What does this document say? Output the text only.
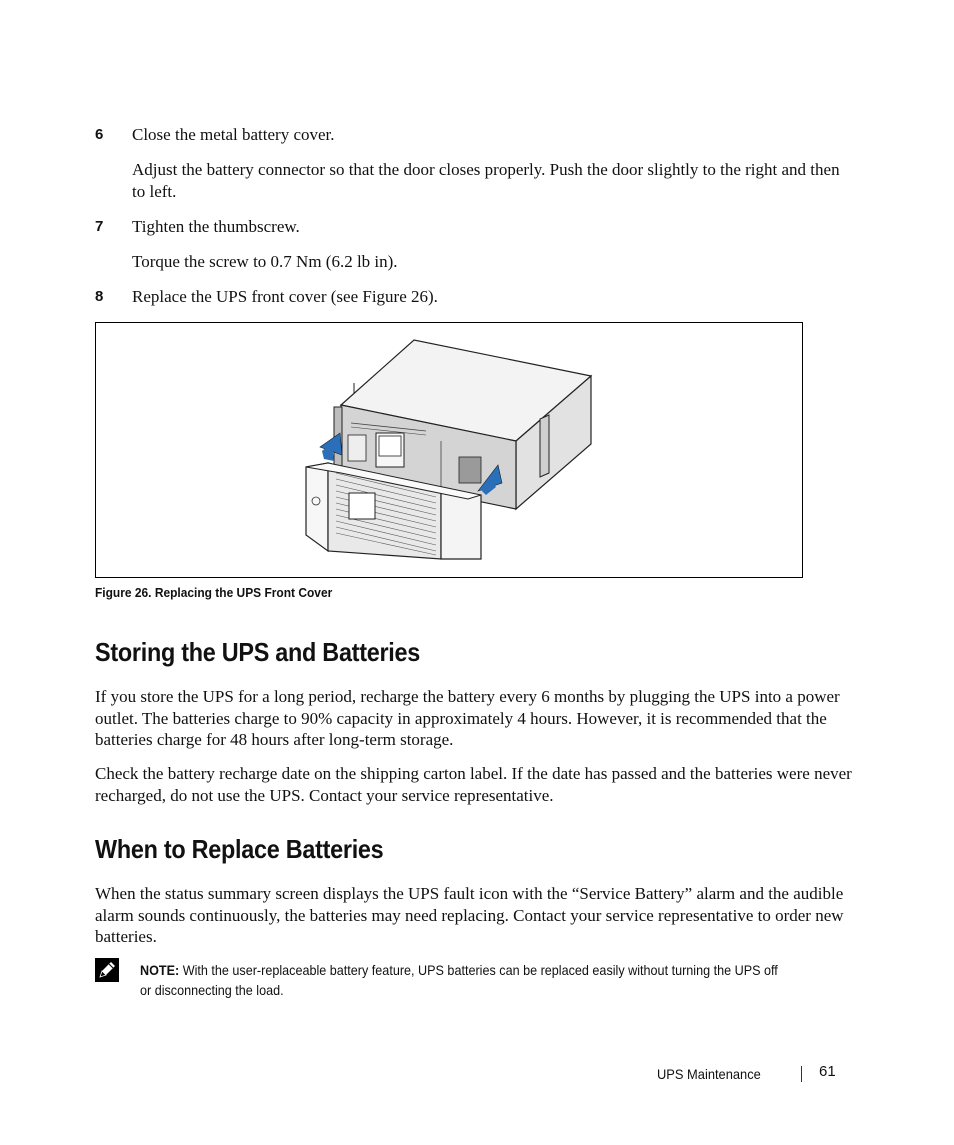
6 Close the metal battery cover.
Adjust the battery connector so that the door closes properly. Push the door slightly to the right and then to left.
7 Tighten the thumbscrew.
Torque the screw to 0.7 Nm (6.2 lb in).
8 Replace the UPS front cover (see Figure 26).
Figure 26. Replacing the UPS Front Cover
Storing the UPS and Batteries
If you store the UPS for a long period, recharge the battery every 6 months by plugging the UPS into a power outlet. The batteries charge to 90% capacity in approximately 4 hours. However, it is recommended that the batteries charge for 48 hours after long-term storage.
Check the battery recharge date on the shipping carton label. If the date has passed and the batteries were never recharged, do not use the UPS. Contact your service representative.
When to Replace Batteries
When the status summary screen displays the UPS fault icon with the “Service Battery” alarm and the audible alarm sounds continuously, the batteries may need replacing. Contact your service representative to order new batteries.
NOTE: With the user-replaceable battery feature, UPS batteries can be replaced easily without turning the UPS off or disconnecting the load.
UPS Maintenance	61
